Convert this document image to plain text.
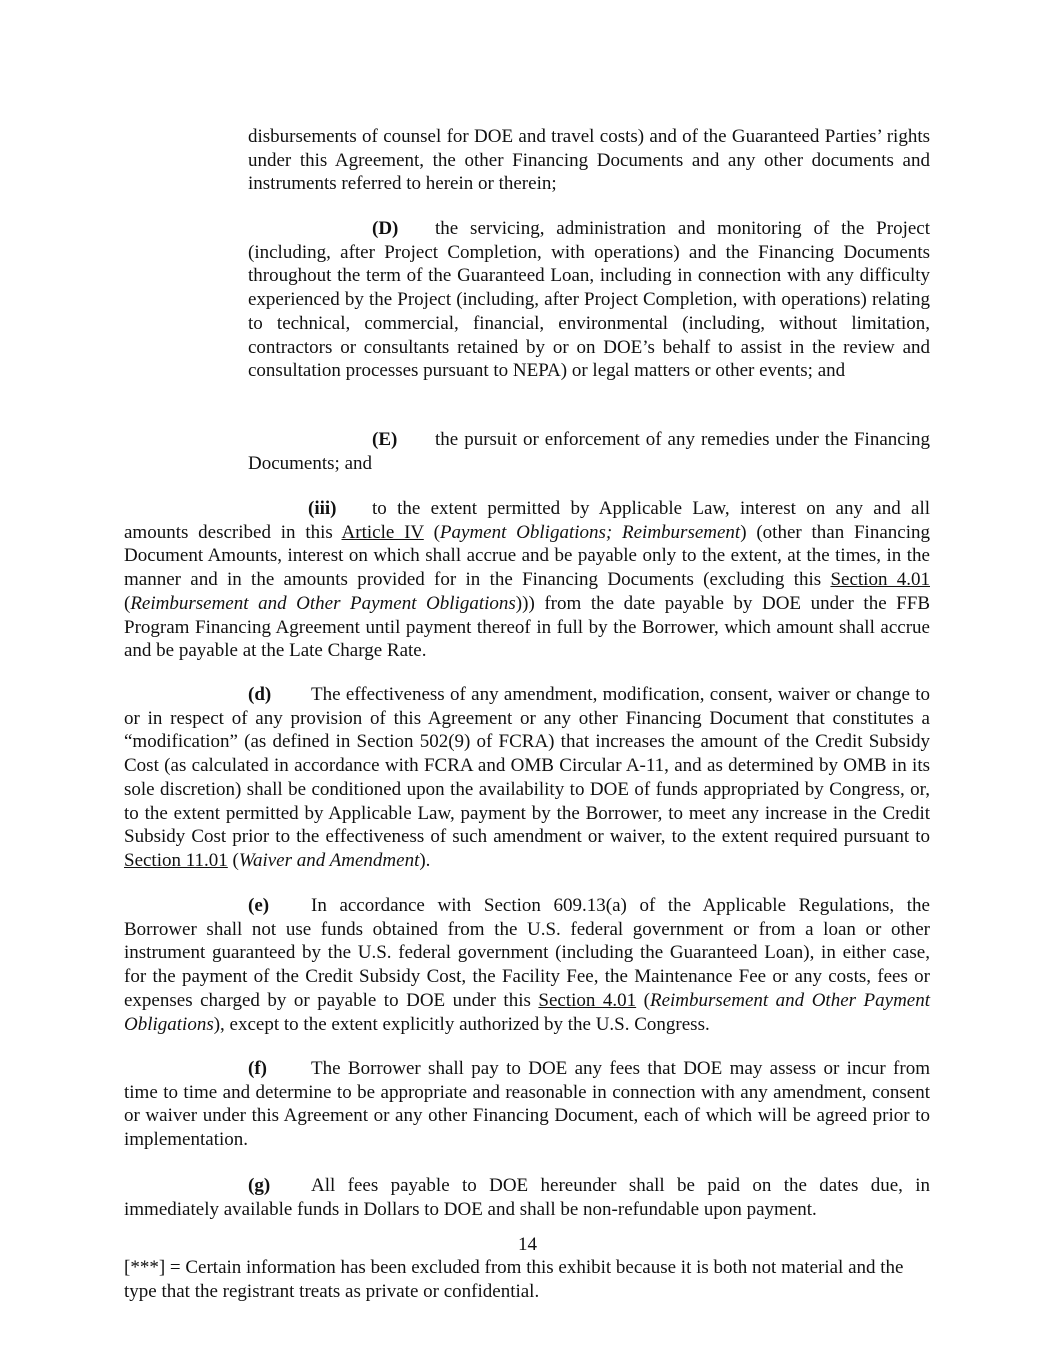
disbursements of counsel for DOE and travel costs) and of the Guaranteed Parties’ rights under this Agreement, the other Financing Documents and any other documents and instruments referred to herein or therein;

(D) the servicing, administration and monitoring of the Project (including, after Project Completion, with operations) and the Financing Documents throughout the term of the Guaranteed Loan, including in connection with any difficulty experienced by the Project (including, after Project Completion, with operations) relating to technical, commercial, financial, environmental (including, without limitation, contractors or consultants retained by or on DOE’s behalf to assist in the review and consultation processes pursuant to NEPA) or legal matters or other events; and

(E) the pursuit or enforcement of any remedies under the Financing Documents; and

(iii) to the extent permitted by Applicable Law, interest on any and all amounts described in this Article IV (Payment Obligations; Reimbursement) (other than Financing Document Amounts, interest on which shall accrue and be payable only to the extent, at the times, in the manner and in the amounts provided for in the Financing Documents (excluding this Section 4.01 (Reimbursement and Other Payment Obligations))) from the date payable by DOE under the FFB Program Financing Agreement until payment thereof in full by the Borrower, which amount shall accrue and be payable at the Late Charge Rate.

(d) The effectiveness of any amendment, modification, consent, waiver or change to or in respect of any provision of this Agreement or any other Financing Document that constitutes a “modification” (as defined in Section 502(9) of FCRA) that increases the amount of the Credit Subsidy Cost (as calculated in accordance with FCRA and OMB Circular A-11, and as determined by OMB in its sole discretion) shall be conditioned upon the availability to DOE of funds appropriated by Congress, or, to the extent permitted by Applicable Law, payment by the Borrower, to meet any increase in the Credit Subsidy Cost prior to the effectiveness of such amendment or waiver, to the extent required pursuant to Section 11.01 (Waiver and Amendment).

(e) In accordance with Section 609.13(a) of the Applicable Regulations, the Borrower shall not use funds obtained from the U.S. federal government or from a loan or other instrument guaranteed by the U.S. federal government (including the Guaranteed Loan), in either case, for the payment of the Credit Subsidy Cost, the Facility Fee, the Maintenance Fee or any costs, fees or expenses charged by or payable to DOE under this Section 4.01 (Reimbursement and Other Payment Obligations), except to the extent explicitly authorized by the U.S. Congress.

(f) The Borrower shall pay to DOE any fees that DOE may assess or incur from time to time and determine to be appropriate and reasonable in connection with any amendment, consent or waiver under this Agreement or any other Financing Document, each of which will be agreed prior to implementation.

(g) All fees payable to DOE hereunder shall be paid on the dates due, in immediately available funds in Dollars to DOE and shall be non-refundable upon payment.

14

[***] = Certain information has been excluded from this exhibit because it is both not material and the type that the registrant treats as private or confidential.
